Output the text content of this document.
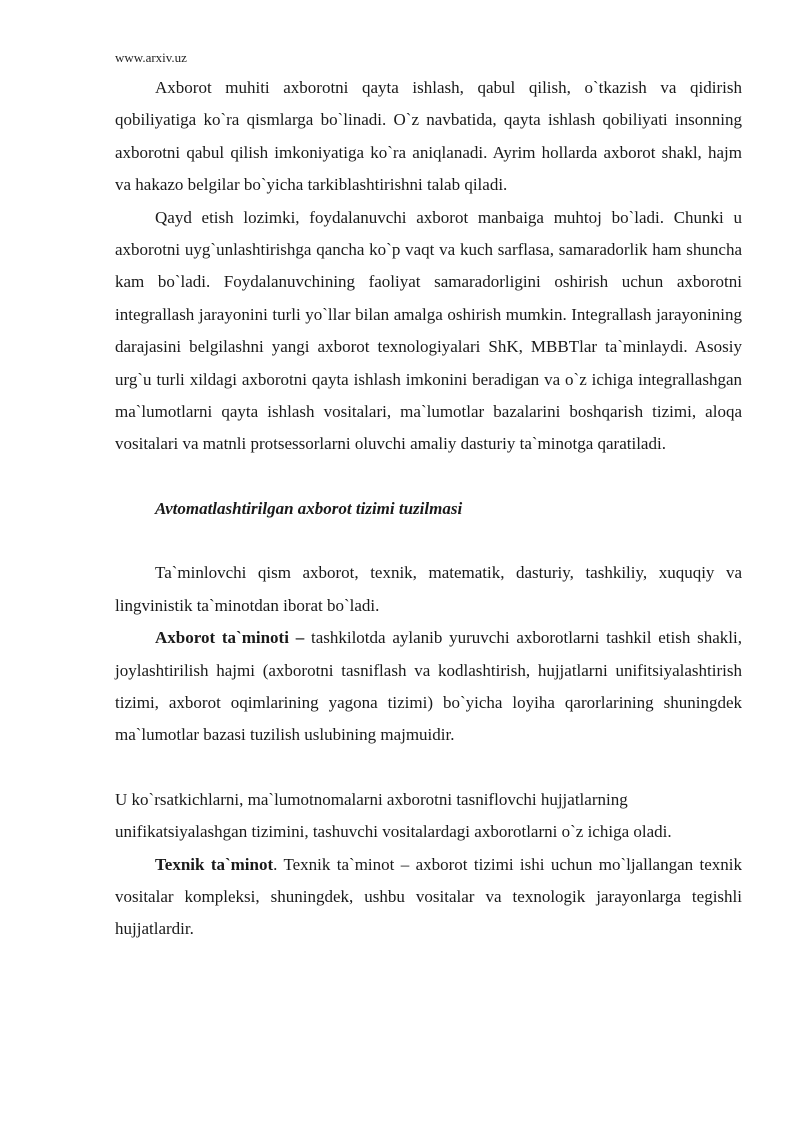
www.arxiv.uz

Axborot muhiti axborotni qayta ishlash, qabul qilish, o`tkazish va qidirish qobiliyatiga ko`ra qismlarga bo`linadi. O`z navbatida, qayta ishlash qobiliyati insonning axborotni qabul qilish imkoniyatiga ko`ra aniqlanadi. Ayrim hollarda axborot shakl, hajm va hakazo belgilar bo`yicha tarkiblashtirishni talab qiladi.

Qayd etish lozimki, foydalanuvchi axborot manbaiga muhtoj bo`ladi. Chunki u axborotni uyg`unlashtirishga qancha ko`p vaqt va kuch sarflasa, samaradorlik ham shuncha kam bo`ladi. Foydalanuvchining faoliyat samaradorligini oshirish uchun axborotni integrallash jarayonini turli yo`llar bilan amalga oshirish mumkin. Integrallash jarayonining darajasini belgilashni yangi axborot texnologiyalari ShK, MBBTlar ta`minlaydi. Asosiy urg`u turli xildagi axborotni qayta ishlash imkonini beradigan va o`z ichiga integrallashgan ma`lumotlarni qayta ishlash vositalari, ma`lumotlar bazalarini boshqarish tizimi, aloqa vositalari va matnli protsessorlarni oluvchi amaliy dasturiy ta`minotga qaratiladi.

Avtomatlashtirilgan axborot tizimi tuzilmasi

Ta`minlovchi qism axborot, texnik, matematik, dasturiy, tashkiliy, xuquqiy va lingvinistik ta`minotdan iborat bo`ladi.

Axborot ta`minoti – tashkilotda aylanib yuruvchi axborotlarni tashkil etish shakli, joylashtirilish hajmi (axborotni tasniflash va kodlashtirish, hujjatlarni unifitsiyalashtirish tizimi, axborot oqimlarining yagona tizimi) bo`yicha loyiha qarorlarining shuningdek ma`lumotlar bazasi tuzilish uslubining majmuidir.

U ko`rsatkichlarni, ma`lumotnomalarni axborotni tasniflovchi hujjatlarning
unifikatsiyalashgan tizimini, tashuvchi vositalardagi axborotlarni o`z ichiga oladi.

Texnik ta`minot. Texnik ta`minot – axborot tizimi ishi uchun mo`ljallangan texnik vositalar kompleksi, shuningdek, ushbu vositalar va texnologik jarayonlarga tegishli hujjatlardir.
